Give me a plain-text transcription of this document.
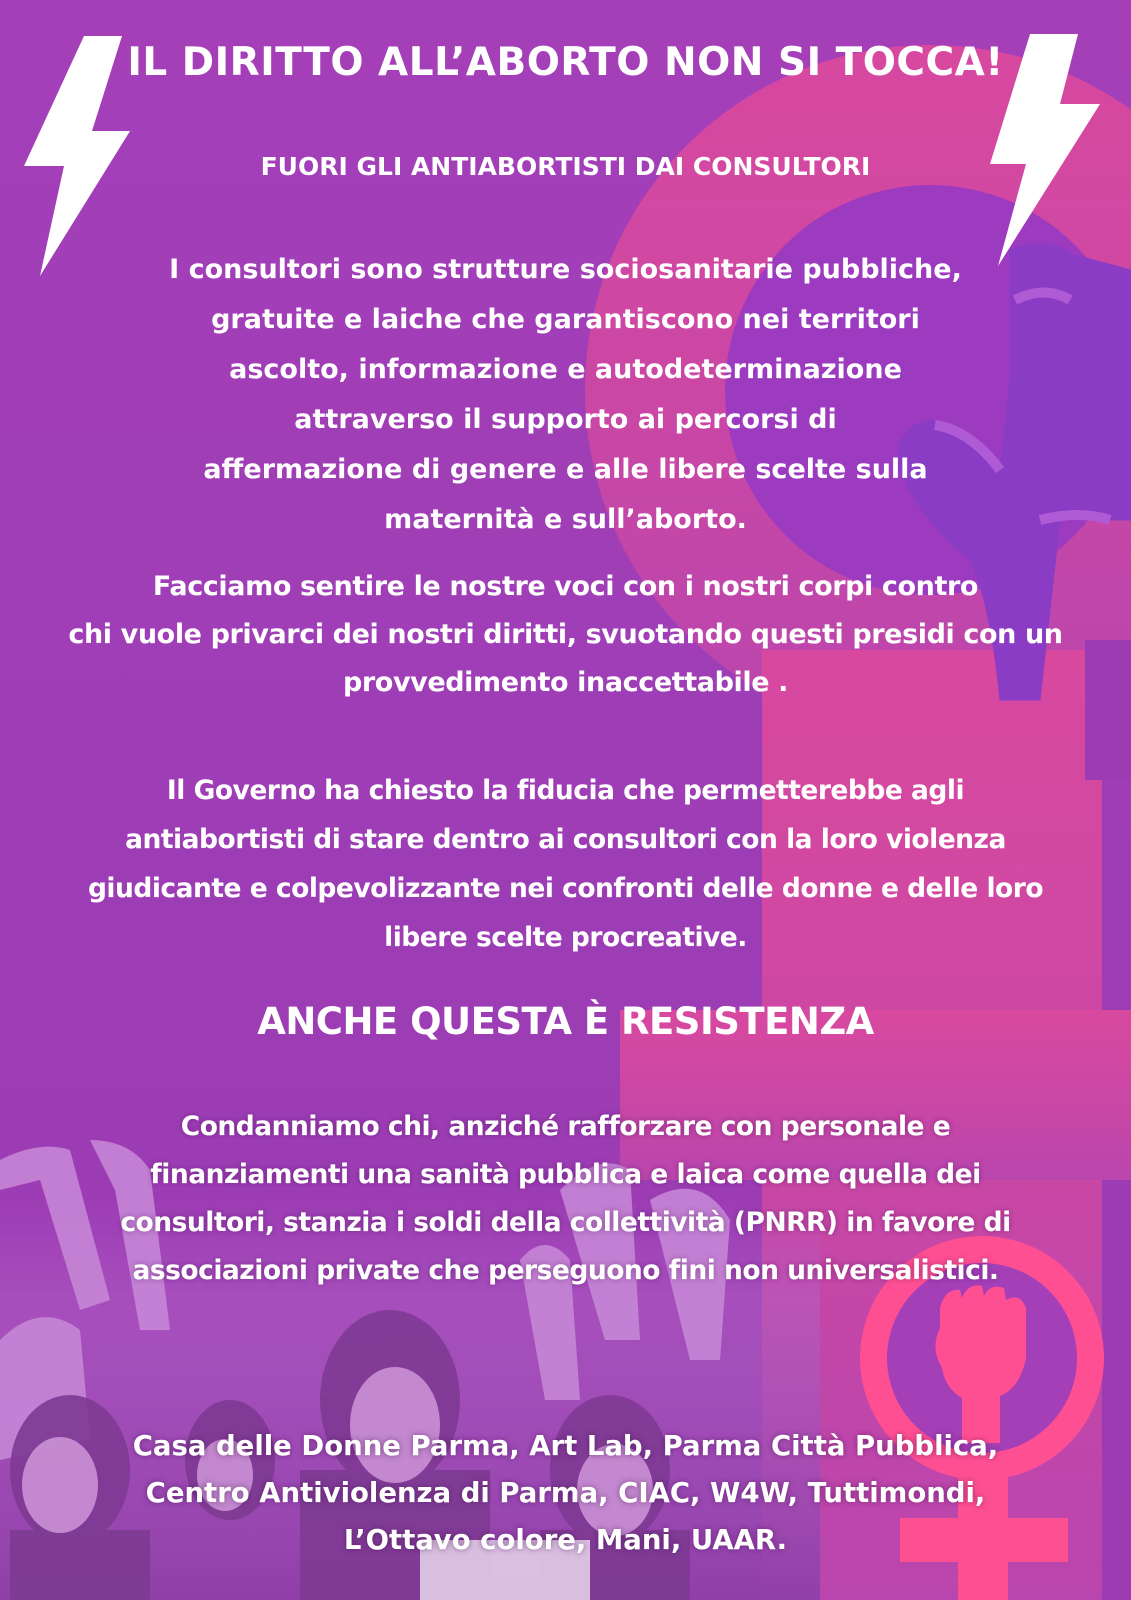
IL DIRITTO ALL’ABORTO NON SI TOCCA!
FUORI GLI ANTIABORTISTI DAI CONSULTORI

I consultori sono strutture sociosanitarie pubbliche,
gratuite e laiche che garantiscono nei territori
ascolto, informazione e autodeterminazione
attraverso il supporto ai percorsi di
affermazione di genere e alle libere scelte sulla
maternità e sull’aborto.

Facciamo sentire le nostre voci con i nostri corpi contro
chi vuole privarci dei nostri diritti, svuotando questi presidi con un
provvedimento inaccettabile .

Il Governo ha chiesto la fiducia che permetterebbe agli
antiabortisti di stare dentro ai consultori con la loro violenza
giudicante e colpevolizzante nei confronti delle donne e delle loro
libere scelte procreative.

ANCHE QUESTA È RESISTENZA

Condanniamo chi, anziché rafforzare con personale e
finanziamenti una sanità pubblica e laica come quella dei
consultori, stanzia i soldi della collettività (PNRR) in favore di
associazioni private che perseguono fini non universalistici.

Casa delle Donne Parma, Art Lab, Parma Città Pubblica,
Centro Antiviolenza di Parma, CIAC, W4W, Tuttimondi,
L’Ottavo colore, Mani, UAAR.
